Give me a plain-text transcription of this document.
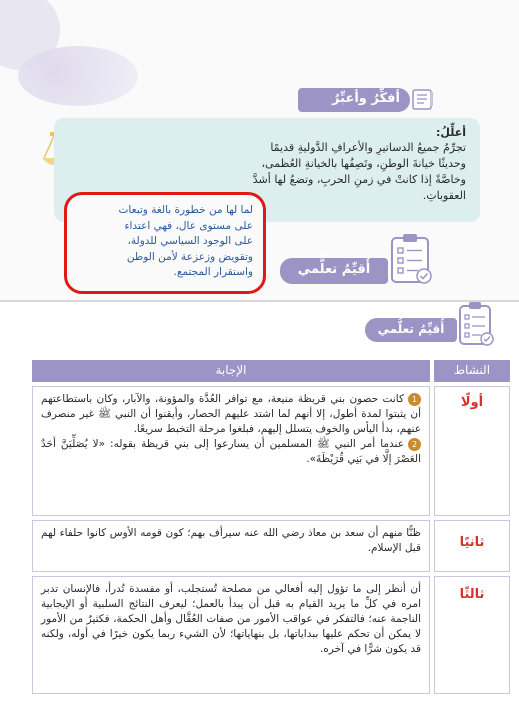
أعلِّلُ:
تجرِّمُ جميعُ الدساتيرِ والأعرافِ الدَّوليةِ قديمًا
وحديثًا خيانةَ الوطنِ، وتَصِفُها بالخيانةِ العُظمى،
وخاصَّةً إذا كانتْ في زمنِ الحربِ، وتضعُ لها أشدَّ
العقوباتِ.
أفكِّرُ وأعبِّرُ
لما لها من خطورة بالغة وتبعات
على مستوى عال، فهي اعتداء
على الوجود السياسي للدولة،
وتقويض وزعزعة لأمن الوطن
واستقرار المجتمع.	أُقيِّمُ تعلُّمي
أُقيِّمُ تعلُّمي
النشاط
الإجابة
أولًا
1كانت حصون بني قريظة منيعة، مع توافر العُدَّة والمؤونة، والآبار، وكان باستطاعتهم أن يثبتوا لمدة أطول، إلا أنهم لما اشتد عليهم الحصار، وأيقنوا أن النبي ﷺ غير منصرف عنهم، بدأ اليأس والخوف يتسلل إليهم، فبلغوا مرحلة التخبط سريعًا.
2عندما أمر النبي ﷺ المسلمين أن يسارعوا إلى بني قريظة بقوله: «لا يُصَلِّيَنَّ أحَدٌ العَصْرَ إلَّا في بَنِي قُرَيْظَةَ».
ثانيًا
ظنًّا منهم أن سعد بن معاذ رضي الله عنه سيرأف بهم؛ كون قومه الأوس كانوا حلفاء لهم قبل الإسلام.
ثالثًا
أن أنظر إلى ما تؤول إليه أفعالي من مصلحة تُستجلب، أو مفسدة تُدرأ، فالإنسان تدبر امره في كلِّ ما يريد القيام به قبل أن يبدأ بالعمل؛ ليعرف النتائج السلبية أو الإيجابية الناجمة عنه؛ فالتفكر في عواقب الأمور من صفات العُقَّال وأهل الحكمة، فكثيرٌ من الأمور لا يمكن أن تحكم عليها ببداياتها، بل بنهاياتها؛ لأن الشيء ربما يكون خيرًا في أوله، ولكنه قد يكون شرًّا في آخره.
